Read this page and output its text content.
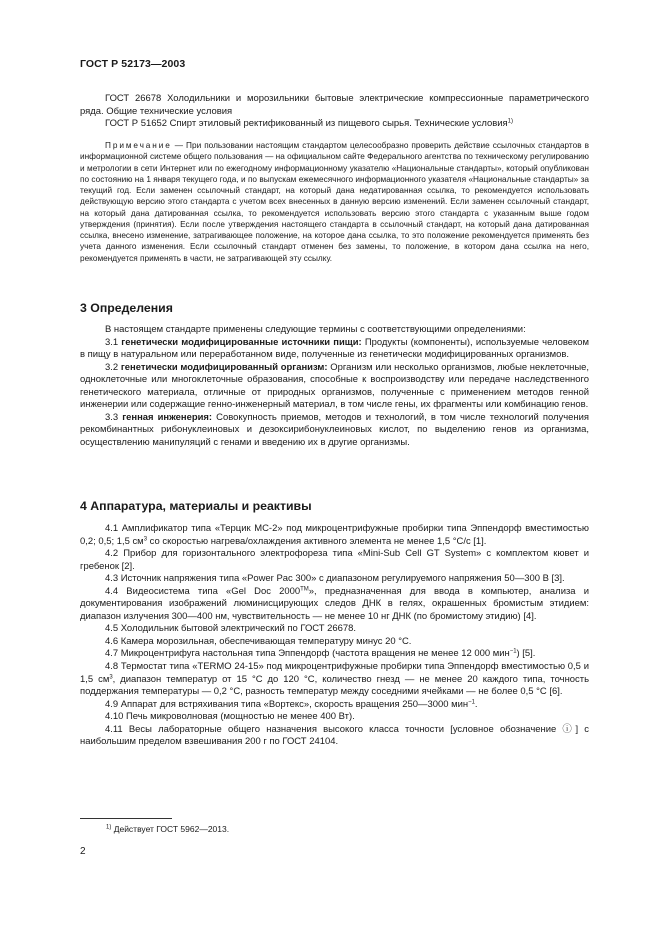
ГОСТ Р 52173—2003

ГОСТ 26678 Холодильники и морозильники бытовые электрические компрессионные параметрического ряда. Общие технические условия

ГОСТ Р 51652 Спирт этиловый ректификованный из пищевого сырья. Технические условия$^{1)}$

Примечание — При пользовании настоящим стандартом целесообразно проверить действие ссылочных стандартов в информационной системе общего пользования — на официальном сайте Федерального агентства по техническому регулированию и метрологии в сети Интернет или по ежегодному информационному указателю «Национальные стандарты», который опубликован по состоянию на 1 января текущего года, и по выпускам ежемесячного информационного указателя «Национальные стандарты» за текущий год. Если заменен ссылочный стандарт, на который дана недатированная ссылка, то рекомендуется использовать действующую версию этого стандарта с учетом всех внесенных в данную версию изменений. Если заменен ссылочный стандарт, на который дана датированная ссылка, то рекомендуется использовать версию этого стандарта с указанным выше годом утверждения (принятия). Если после утверждения настоящего стандарта в ссылочный стандарт, на который дана датированная ссылка, внесено изменение, затрагивающее положение, на которое дана ссылка, то это положение рекомендуется применять без учета данного изменения. Если ссылочный стандарт отменен без замены, то положение, в котором дана ссылка на него, рекомендуется применять в части, не затрагивающей эту ссылку.

3 Определения

В настоящем стандарте применены следующие термины с соответствующими определениями:

3.1 генетически модифицированные источники пищи: Продукты (компоненты), используемые человеком в пищу в натуральном или переработанном виде, полученные из генетически модифицированных организмов.

3.2 генетически модифицированный организм: Организм или несколько организмов, любые неклеточные, одноклеточные или многоклеточные образования, способные к воспроизводству или передаче наследственного генетического материала, отличные от природных организмов, полученные с применением методов генной инженерии или содержащие генно-инженерный материал, в том числе гены, их фрагменты или комбинацию генов.

3.3 генная инженерия: Совокупность приемов, методов и технологий, в том числе технологий получения рекомбинантных рибонуклеиновых и дезоксирибонуклеиновых кислот, по выделению генов из организма, осуществлению манипуляций с генами и введению их в другие организмы.

4 Аппаратура, материалы и реактивы

4.1 Амплификатор типа «Терцик МС-2» под микроцентрифужные пробирки типа Эппендорф вместимостью 0,2; 0,5; 1,5 $см^3$ со скоростью нагрева/охлаждения активного элемента не менее 1,5 °С/с [1].

4.2 Прибор для горизонтального электрофореза типа «Mini-Sub Cell GT System» с комплектом кювет и гребенок [2].

4.3 Источник напряжения типа «Power Pac 300» с диапазоном регулируемого напряжения 50—300 В [3].

4.4 Видеосистема типа «Gel Doc 2000™», предназначенная для ввода в компьютер, анализа и документирования изображений люминисцирующих следов ДНК в гелях, окрашенных бромистым этидием: диапазон излучения 300—400 нм, чувствительность — не менее 10 нг ДНК (по бромистому этидию) [4].

4.5 Холодильник бытовой электрический по ГОСТ 26678.

4.6 Камера морозильная, обеспечивающая температуру минус 20 °С.

4.7 Микроцентрифуга настольная типа Эппендорф (частота вращения не менее 12 000 мин$^{-1}$) [5].

4.8 Термостат типа «TERMO 24-15» под микроцентрифужные пробирки типа Эппендорф вместимостью 0,5 и 1,5 $см^3$, диапазон температур от 15 °С до 120 °С, количество гнезд — не менее 20 каждого типа, точность поддержания температуры — 0,2 °С, разность температур между соседними ячейками — не более 0,5 °С [6].

4.9 Аппарат для встряхивания типа «Вортекс», скорость вращения 250—3000 мин$^{-1}$.

4.10 Печь микроволновая (мощностью не менее 400 Вт).

4.11 Весы лабораторные общего назначения высокого класса точности [условное обозначение ⓘ] с наибольшим пределом взвешивания 200 г по ГОСТ 24104.

$^{1)}$ Действует ГОСТ 5962—2013.
2
